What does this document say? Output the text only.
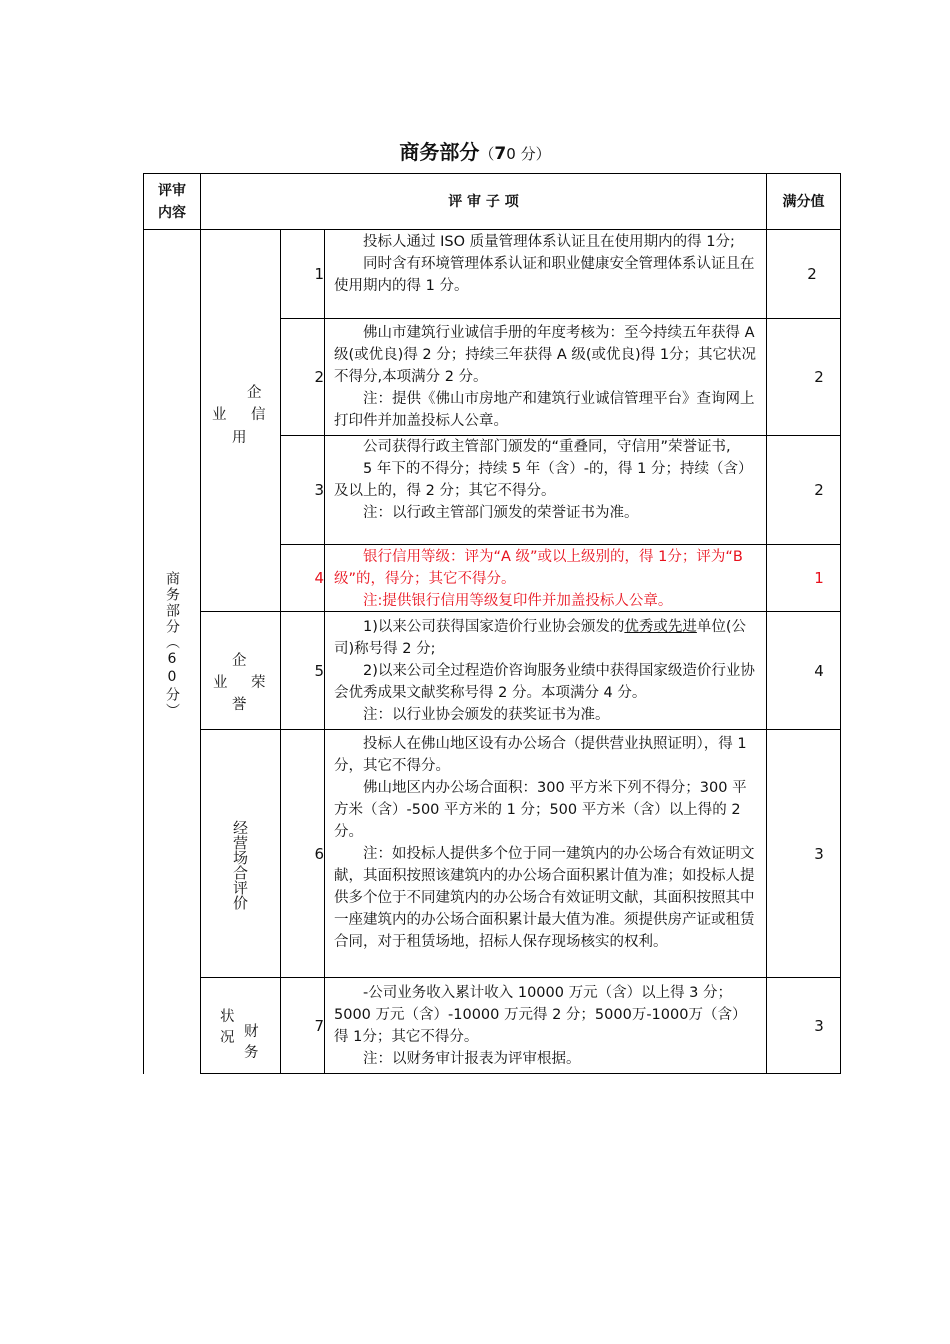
商务部分（70 分）
评审
内容
评 审 子 项	满分值
商务部分（60分）
企
业 信
用
企
业 荣
誉
经营场合评价
财
务
状
况
1
2
3
4
5
6
7
2
2
2
1
4
3
3

投标人通过 ISO 质量管理体系认证且在使用期内的得 1分;

同时含有环境管理体系认证和职业健康安全管理体系认证且在使用期内的得 1 分。

佛山市建筑行业诚信手册的年度考核为：至今持续五年获得 A 级(或优良)得 2 分；持续三年获得 A 级(或优良)得 1分；其它状况不得分,本项满分 2 分。

注：提供《佛山市房地产和建筑行业诚信管理平台》查询网上打印件并加盖投标人公章。

公司获得行政主管部门颁发的“重叠同，守信用”荣誉证书,

5 年下的不得分；持续 5 年（含）-的，得 1 分；持续（含）及以上的，得 2 分；其它不得分。

注：以行政主管部门颁发的荣誉证书为准。

银行信用等级：评为“A 级”或以上级别的，得 1分；评为“B 级”的，得分；其它不得分。

注:提供银行信用等级复印件并加盖投标人公章。

1)以来公司获得国家造价行业协会颁发的优秀或先进单位(公司)称号得 2 分;

2)以来公司全过程造价咨询服务业绩中获得国家级造价行业协会优秀成果文献奖称号得 2 分。本项满分 4 分。

注：以行业协会颁发的获奖证书为准。

投标人在佛山地区设有办公场合（提供营业执照证明），得 1 分，其它不得分。

佛山地区内办公场合面积：300 平方米下列不得分；300 平方米（含）-500 平方米的 1 分；500 平方米（含）以上得的 2 分。

注：如投标人提供多个位于同一建筑内的办公场合有效证明文献，其面积按照该建筑内的办公场合面积累计值为准；如投标人提供多个位于不同建筑内的办公场合有效证明文献，其面积按照其中一座建筑内的办公场合面积累计最大值为准。须提供房产证或租赁合同，对于租赁场地，招标人保存现场核实的权利。

-公司业务收入累计收入 10000 万元（含）以上得 3 分； 5000 万元（含）-10000 万元得 2 分；5000万-1000万（含）得 1分；其它不得分。

注：以财务审计报表为评审根据。
